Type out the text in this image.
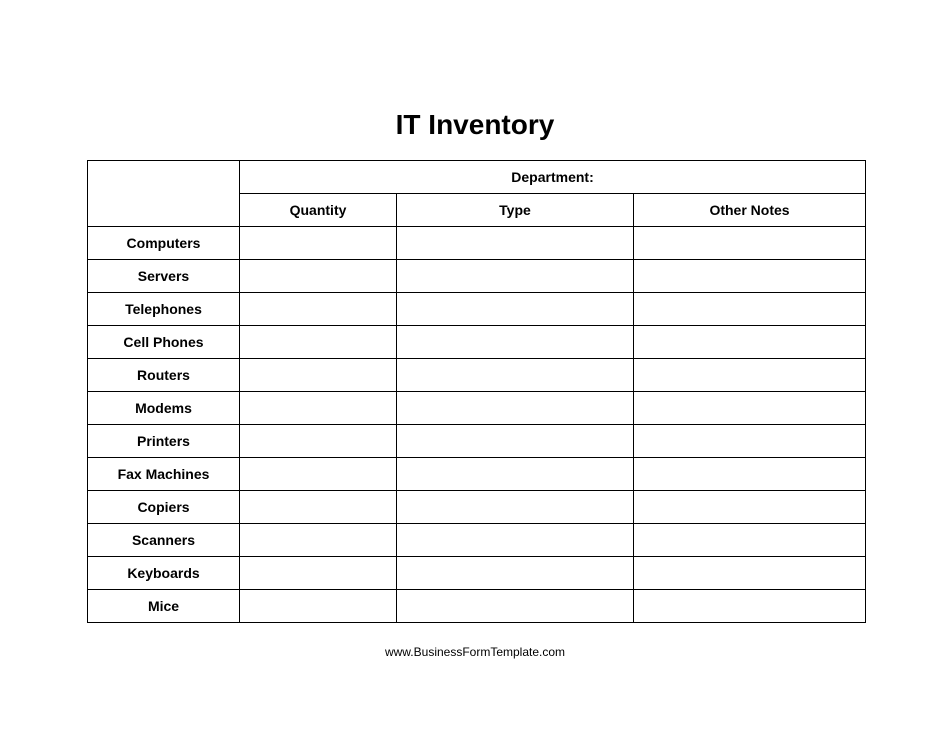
IT Inventory
	Department:		
	Quantity	Type	Other Notes
Computers			
Servers			
Telephones			
Cell Phones			
Routers			
Modems			
Printers			
Fax Machines			
Copiers			
Scanners			
Keyboards			
Mice			
www.BusinessFormTemplate.com
